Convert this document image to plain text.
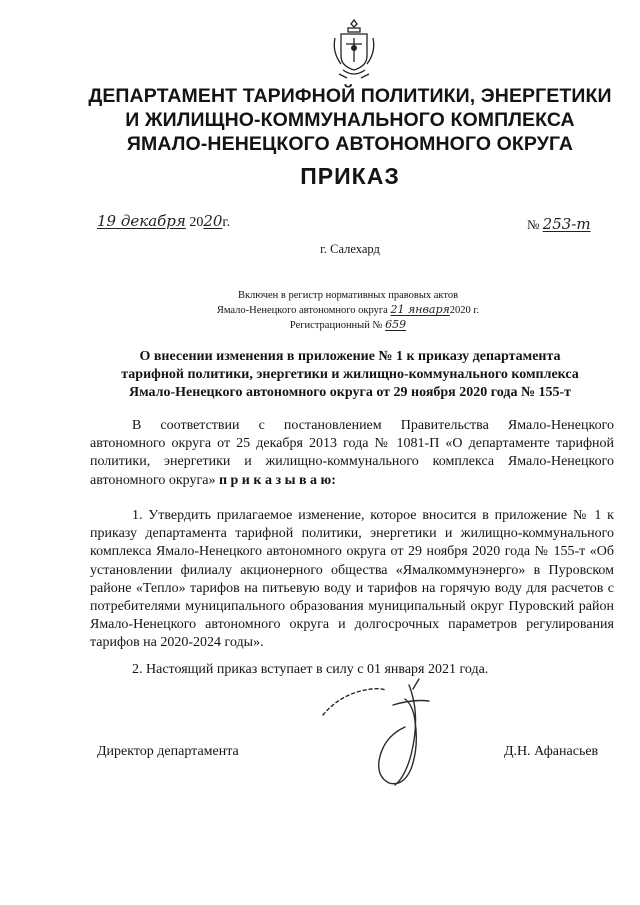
ДЕПАРТАМЕНТ ТАРИФНОЙ ПОЛИТИКИ, ЭНЕРГЕТИКИ
И ЖИЛИЩНО-КОММУНАЛЬНОГО КОМПЛЕКСА
ЯМАЛО-НЕНЕЦКОГО АВТОНОМНОГО ОКРУГА
ПРИКАЗ
19 декабря 2020г.	№ 253-т
г. Салехард
Включен в регистр нормативных правовых актов
Ямало-Ненецкого автономного округа 21 января2020 г.
Регистрационный № 659
О внесении изменения в приложение № 1 к приказу департамента
тарифной политики, энергетики и жилищно-коммунального комплекса
Ямало-Ненецкого автономного округа от 29 ноября 2020 года № 155-т
В соответствии с постановлением Правительства Ямало-Ненецкого автономного округа от 25 декабря 2013 года № 1081-П «О департаменте тарифной политики, энергетики и жилищно-коммунального комплекса Ямало-Ненецкого автономного округа» п р и к а з ы в а ю:
1. Утвердить прилагаемое изменение, которое вносится в приложение № 1 к приказу департамента тарифной политики, энергетики и жилищно-коммунального комплекса Ямало-Ненецкого автономного округа от 29 ноября 2020 года № 155-т «Об установлении филиалу акционерного общества «Ямалкоммунэнерго» в Пуровском районе «Тепло» тарифов на питьевую воду и тарифов на горячую воду для расчетов с потребителями муниципального образования муниципальный округ Пуровский район Ямало-Ненецкого автономного округа и долгосрочных параметров регулирования тарифов на 2020-2024 годы».
2. Настоящий приказ вступает в силу с 01 января 2021 года.
Директор департамента	Д.Н. Афанасьев
